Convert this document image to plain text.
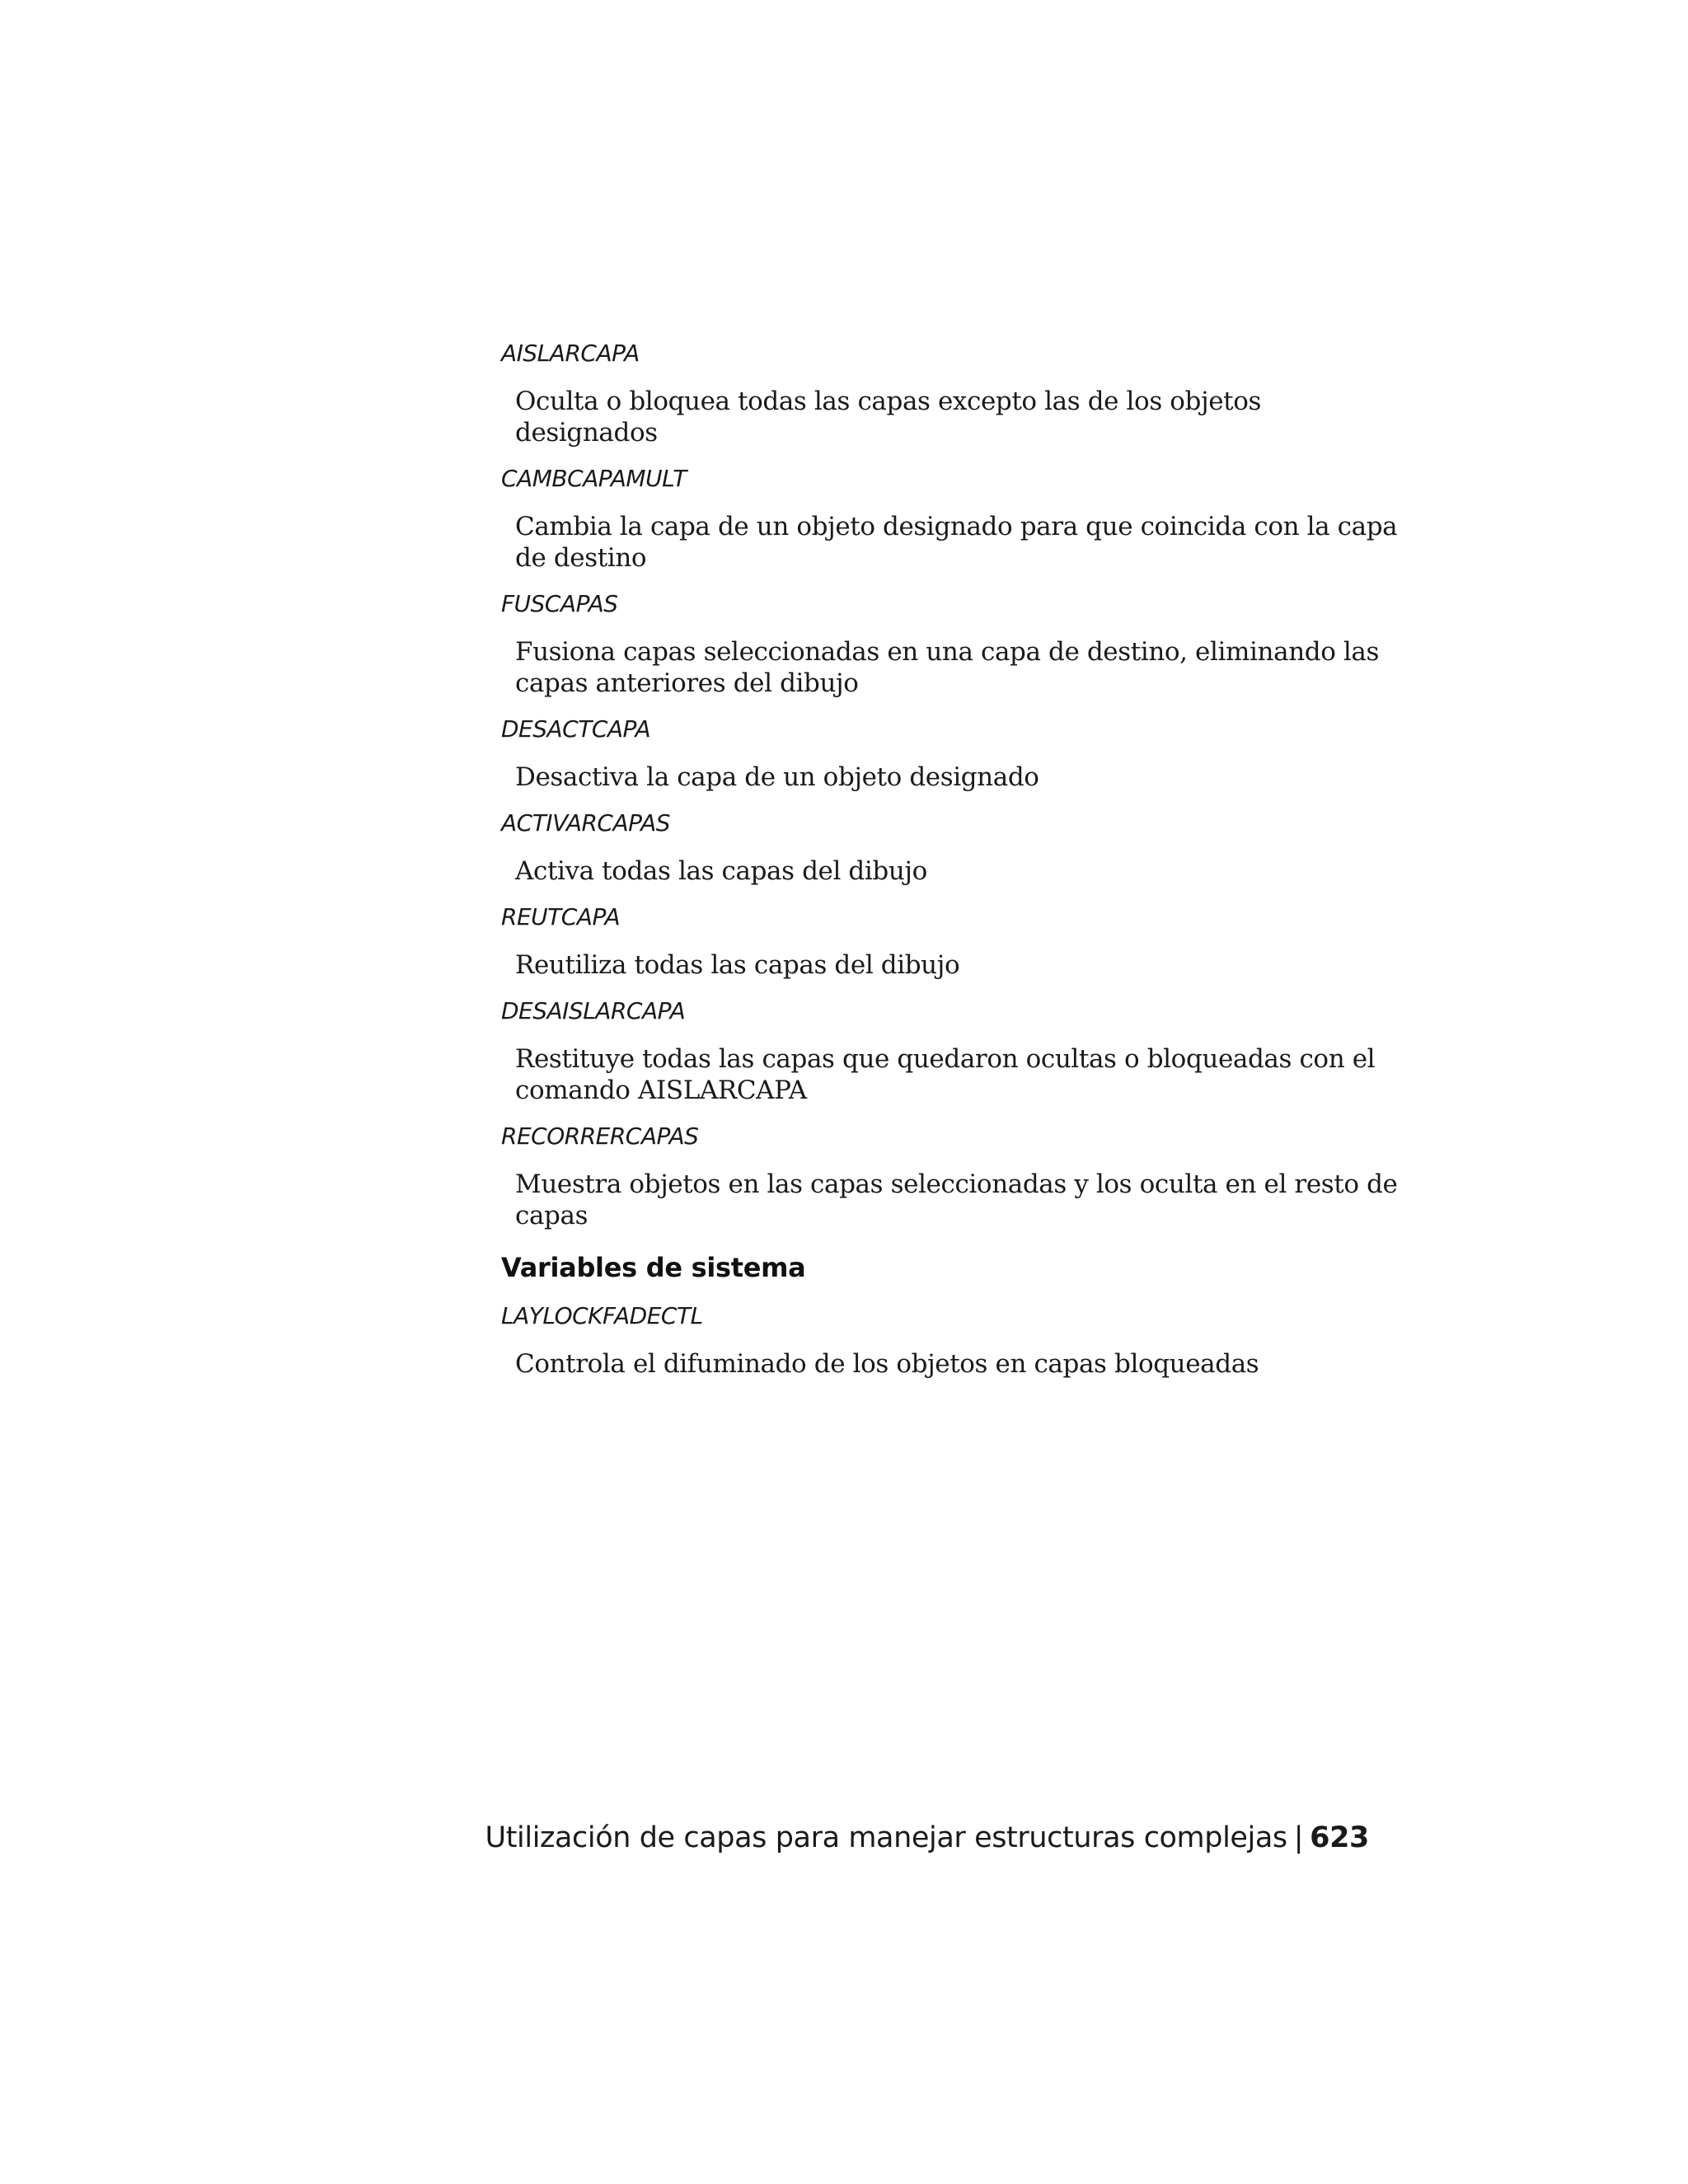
AISLARCAPA
Oculta o bloquea todas las capas excepto las de los objetos designados
CAMBCAPAMULT
Cambia la capa de un objeto designado para que coincida con la capa de destino
FUSCAPAS
Fusiona capas seleccionadas en una capa de destino, eliminando las capas anteriores del dibujo
DESACTCAPA
Desactiva la capa de un objeto designado
ACTIVARCAPAS
Activa todas las capas del dibujo
REUTCAPA
Reutiliza todas las capas del dibujo
DESAISLARCAPA
Restituye todas las capas que quedaron ocultas o bloqueadas con el comando AISLARCAPA
RECORRERCAPAS
Muestra objetos en las capas seleccionadas y los oculta en el resto de capas
Variables de sistema
LAYLOCKFADECTL
Controla el difuminado de los objetos en capas bloqueadas
Utilización de capas para manejar estructuras complejas | 623
